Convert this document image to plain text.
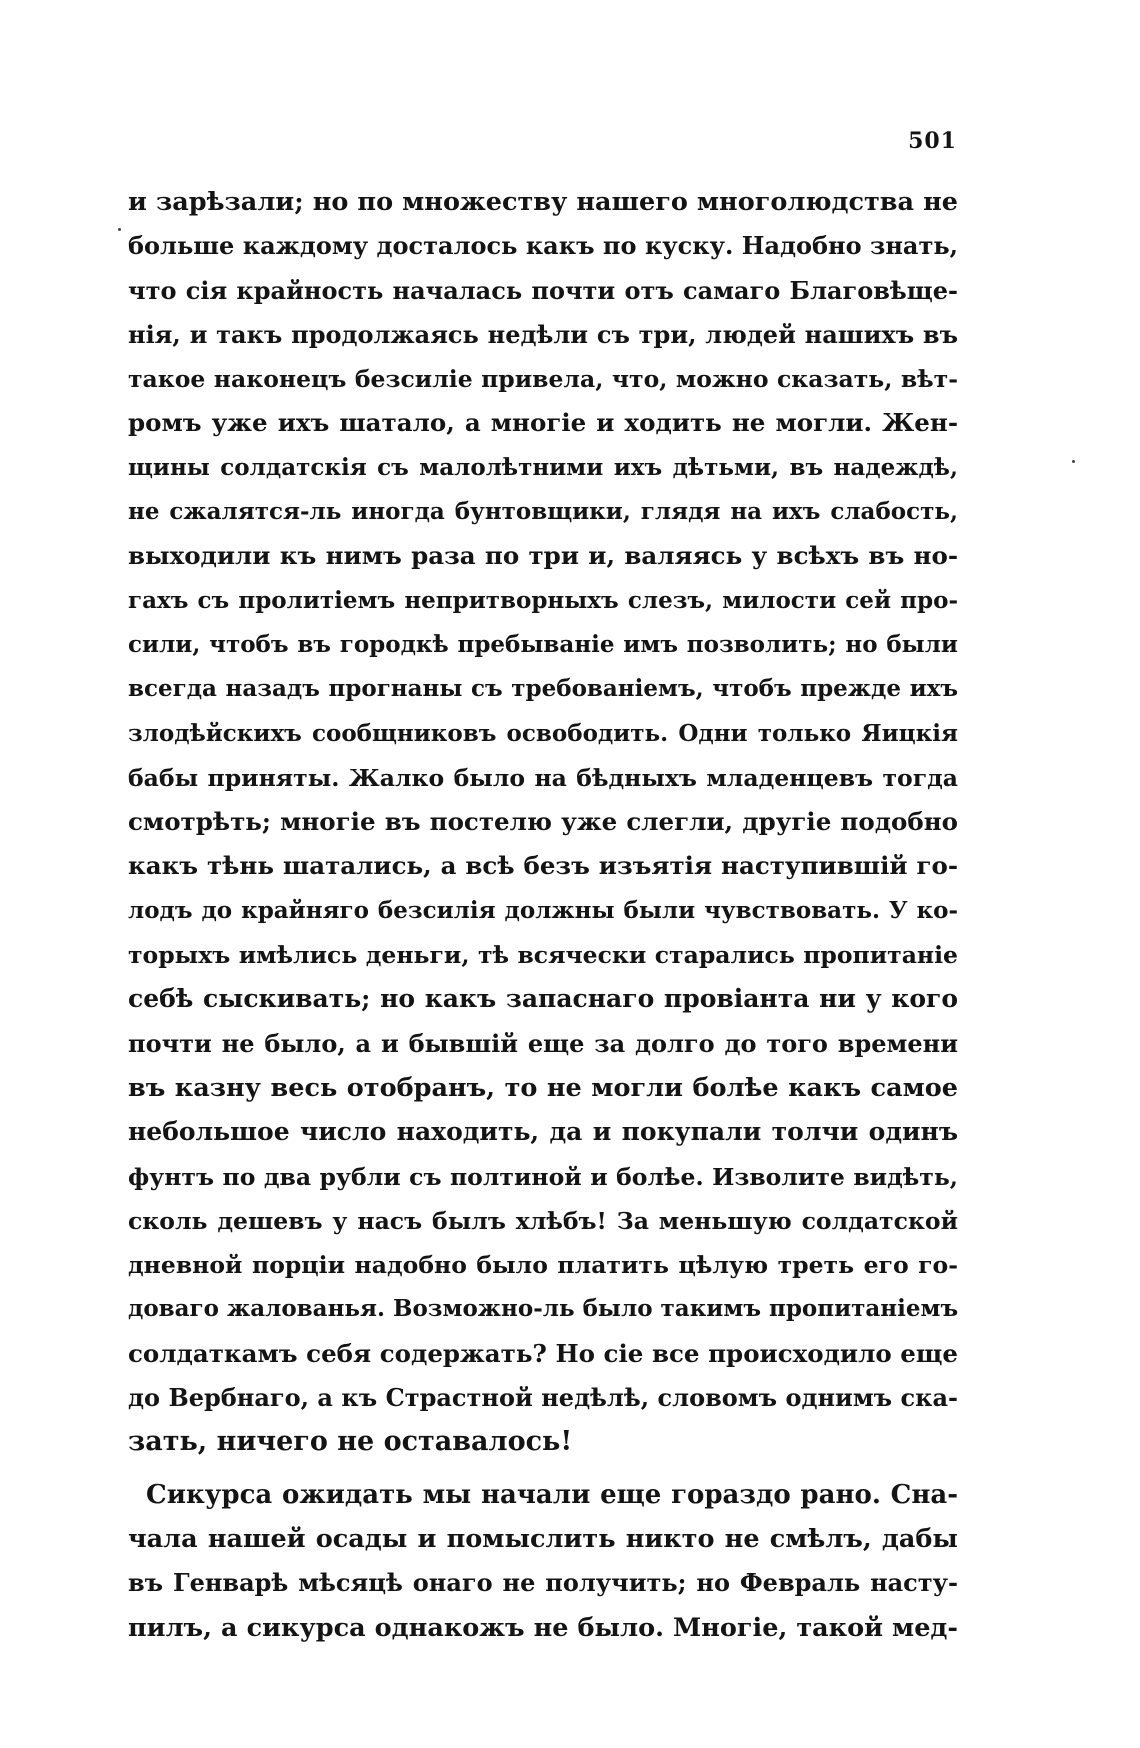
501
и зарѣзали; но по множеству нашего многолюдства не
больше каждому досталось какъ по куску. Надобно знать,
что сія крайность началась почти отъ самаго Благовѣще-
нія, и такъ продолжаясь недѣли съ три, людей нашихъ въ
такое наконецъ безсиліе привела, что, можно сказать, вѣт-
ромъ уже ихъ шатало, а многіе и ходить не могли. Жен-
щины солдатскія съ малолѣтними ихъ дѣтьми, въ надеждѣ,
не сжалятся-ль иногда бунтовщики, глядя на ихъ слабость,
выходили къ нимъ раза по три и, валяясь у всѣхъ въ но-
гахъ съ пролитіемъ непритворныхъ слезъ, милости сей про-
сили, чтобъ въ городкѣ пребываніе имъ позволить; но были
всегда назадъ прогнаны съ требованіемъ, чтобъ прежде ихъ
злодѣйскихъ сообщниковъ освободить. Одни только Яицкія
бабы приняты. Жалко было на бѣдныхъ младенцевъ тогда
смотрѣть; многіе въ постелю уже слегли, другіе подобно
какъ тѣнь шатались, а всѣ безъ изъятія наступившій го-
лодъ до крайняго безсилія должны были чувствовать. У ко-
торыхъ имѣлись деньги, тѣ всячески старались пропитаніе
себѣ сыскивать; но какъ запаснаго провіанта ни у кого
почти не было, а и бывшій еще за долго до того времени
въ казну весь отобранъ, то не могли болѣе какъ самое
небольшое число находить, да и покупали толчи одинъ
фунтъ по два рубли съ полтиной и болѣе. Изволите видѣть,
сколь дешевъ у насъ былъ хлѣбъ! За меньшую солдатской
дневной порціи надобно было платить цѣлую треть его го-
доваго жалованья. Возможно-ль было такимъ пропитаніемъ
солдаткамъ себя содержать? Но сіе все происходило еще
до Вербнаго, а къ Страстной недѣлѣ, словомъ однимъ ска-
зать, ничего не оставалось!
Сикурса ожидать мы начали еще гораздо рано. Сна-
чала нашей осады и помыслить никто не смѣлъ, дабы
въ Генварѣ мѣсяцѣ онаго не получить; но Февраль насту-
пилъ, а сикурса однакожъ не было. Многіе, такой мед-
